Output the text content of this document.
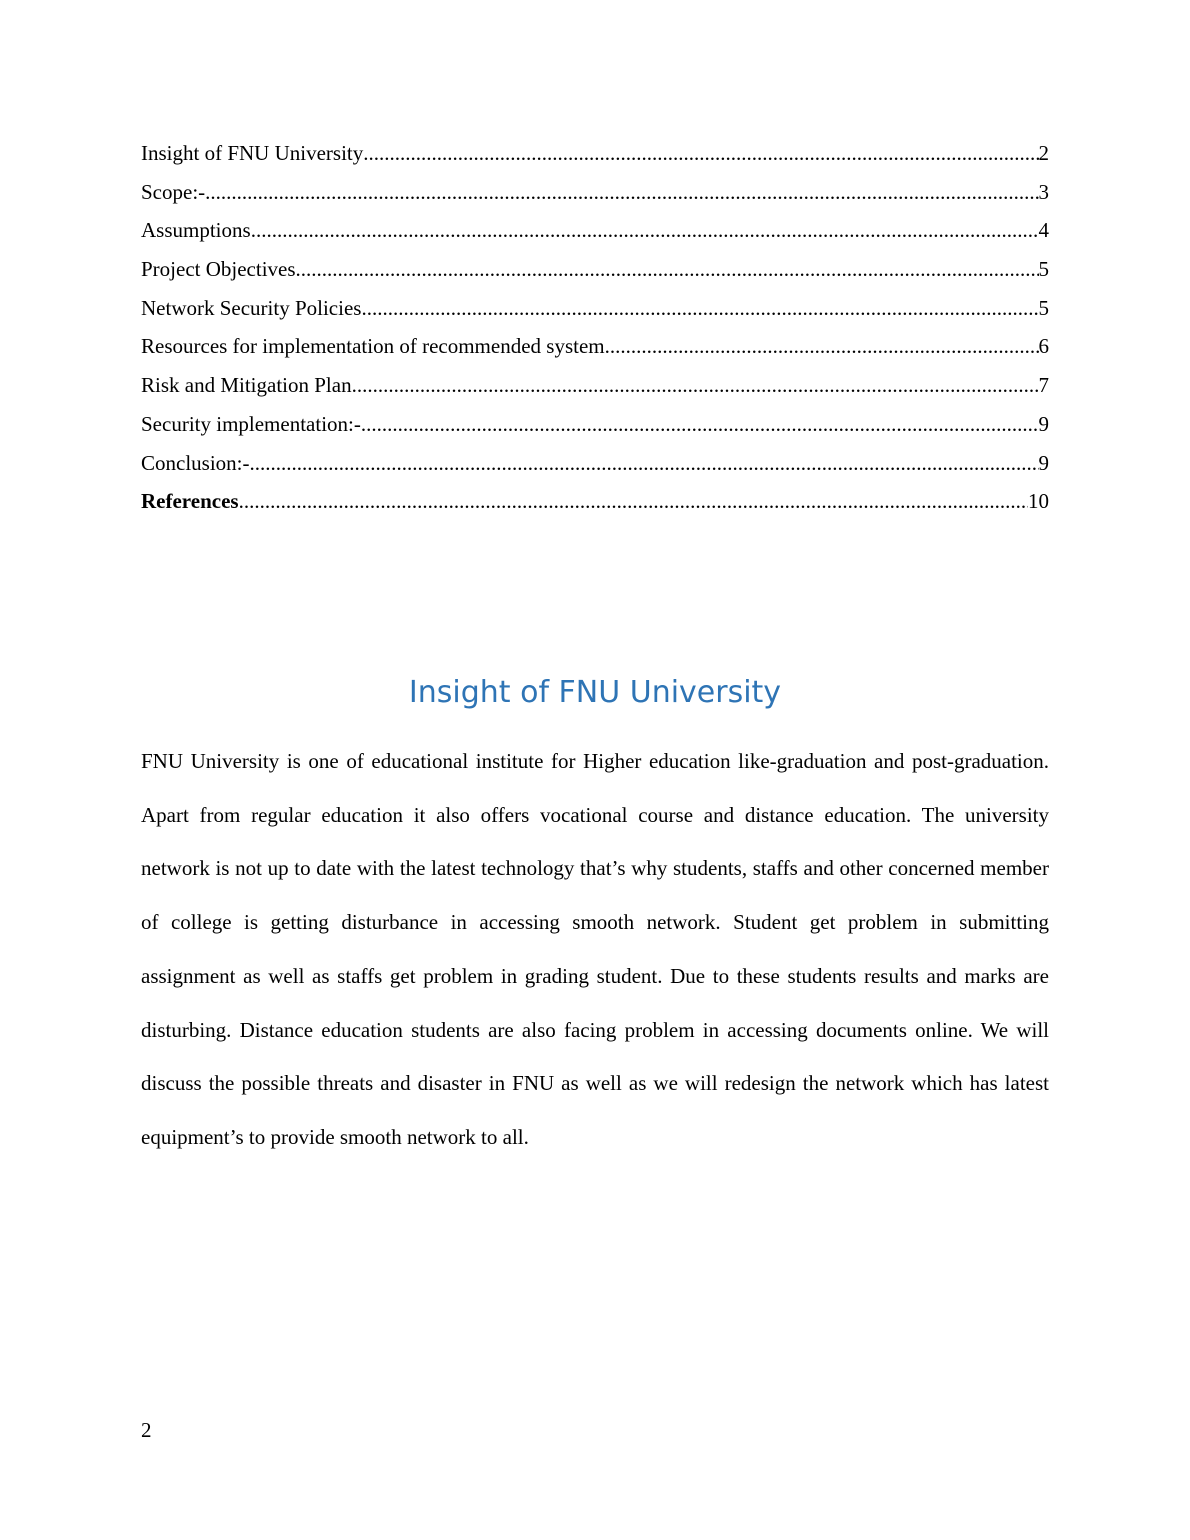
Insight of FNU University .....	2
Scope:- .....	3
Assumptions .....	4
Project Objectives .....	5
Network Security Policies .....	5
Resources for implementation of recommended system .....	6
Risk and Mitigation Plan .....	7
Security implementation:- .....	9
Conclusion:- .....	9
References .....	10
Insight of FNU University

FNU University is one of educational institute for Higher education like-graduation and post-graduation. Apart from regular education it also offers vocational course and distance education. The university network is not up to date with the latest technology that’s why students, staffs and other concerned member of college is getting disturbance in accessing smooth network. Student get problem in submitting assignment as well as staffs get problem in grading student. Due to these students results and marks are disturbing. Distance education students are also facing problem in accessing documents online. We will discuss the possible threats and disaster in FNU as well as we will redesign the network which has latest equipment’s to provide smooth network to all.

2
